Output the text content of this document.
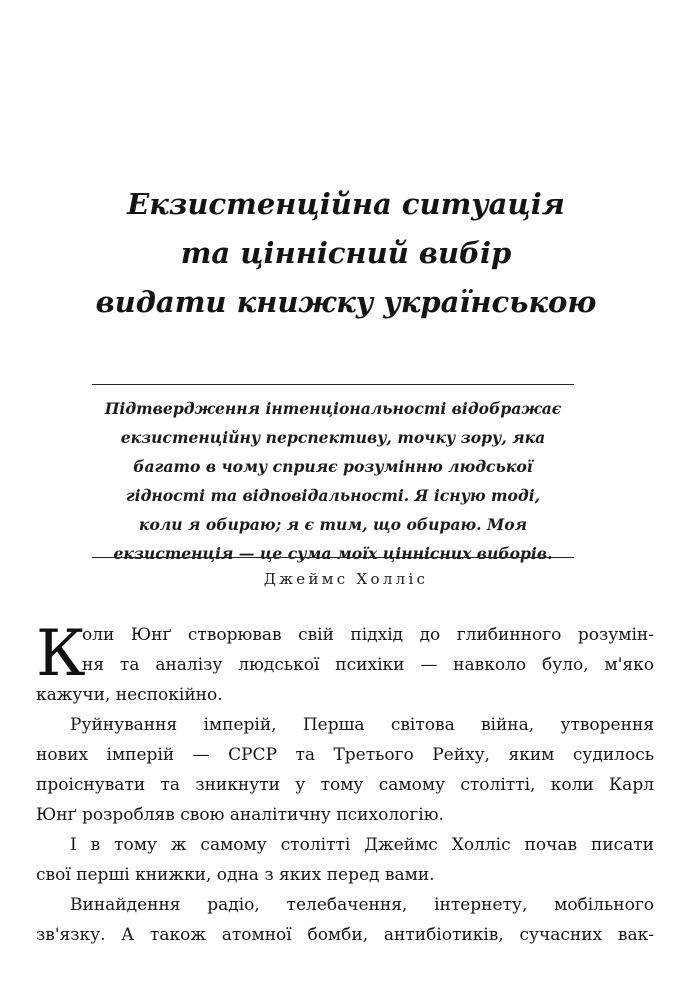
Екзистенційна ситуація
та ціннісний вибір
видати книжку українською
Підтвердження інтенціональності відображає
екзистенційну перспективу, точку зору, яка
багато в чому сприяє розумінню людської
гідності та відповідальності. Я існую тоді,
коли я обираю; я є тим, що обираю. Моя
екзистенція — це сума моїх ціннісних виборів.
Джеймс Холліс
К
оли Юнґ створював свій підхід до глибинного розумін-
ня та аналізу людської психіки — навколо було, м'яко
кажучи, неспокійно.
Руйнування імперій, Перша світова війна, утворення
нових імперій — СРСР та Третього Рейху, яким судилось
проіснувати та зникнути у тому самому столітті, коли Карл
Юнґ розробляв свою аналітичну психологію.
І в тому ж самому столітті Джеймс Холліс почав писати
свої перші книжки, одна з яких перед вами.
Винайдення радіо, телебачення, інтернету, мобільного
зв'язку. А також атомної бомби, антибіотиків, сучасних вак-
